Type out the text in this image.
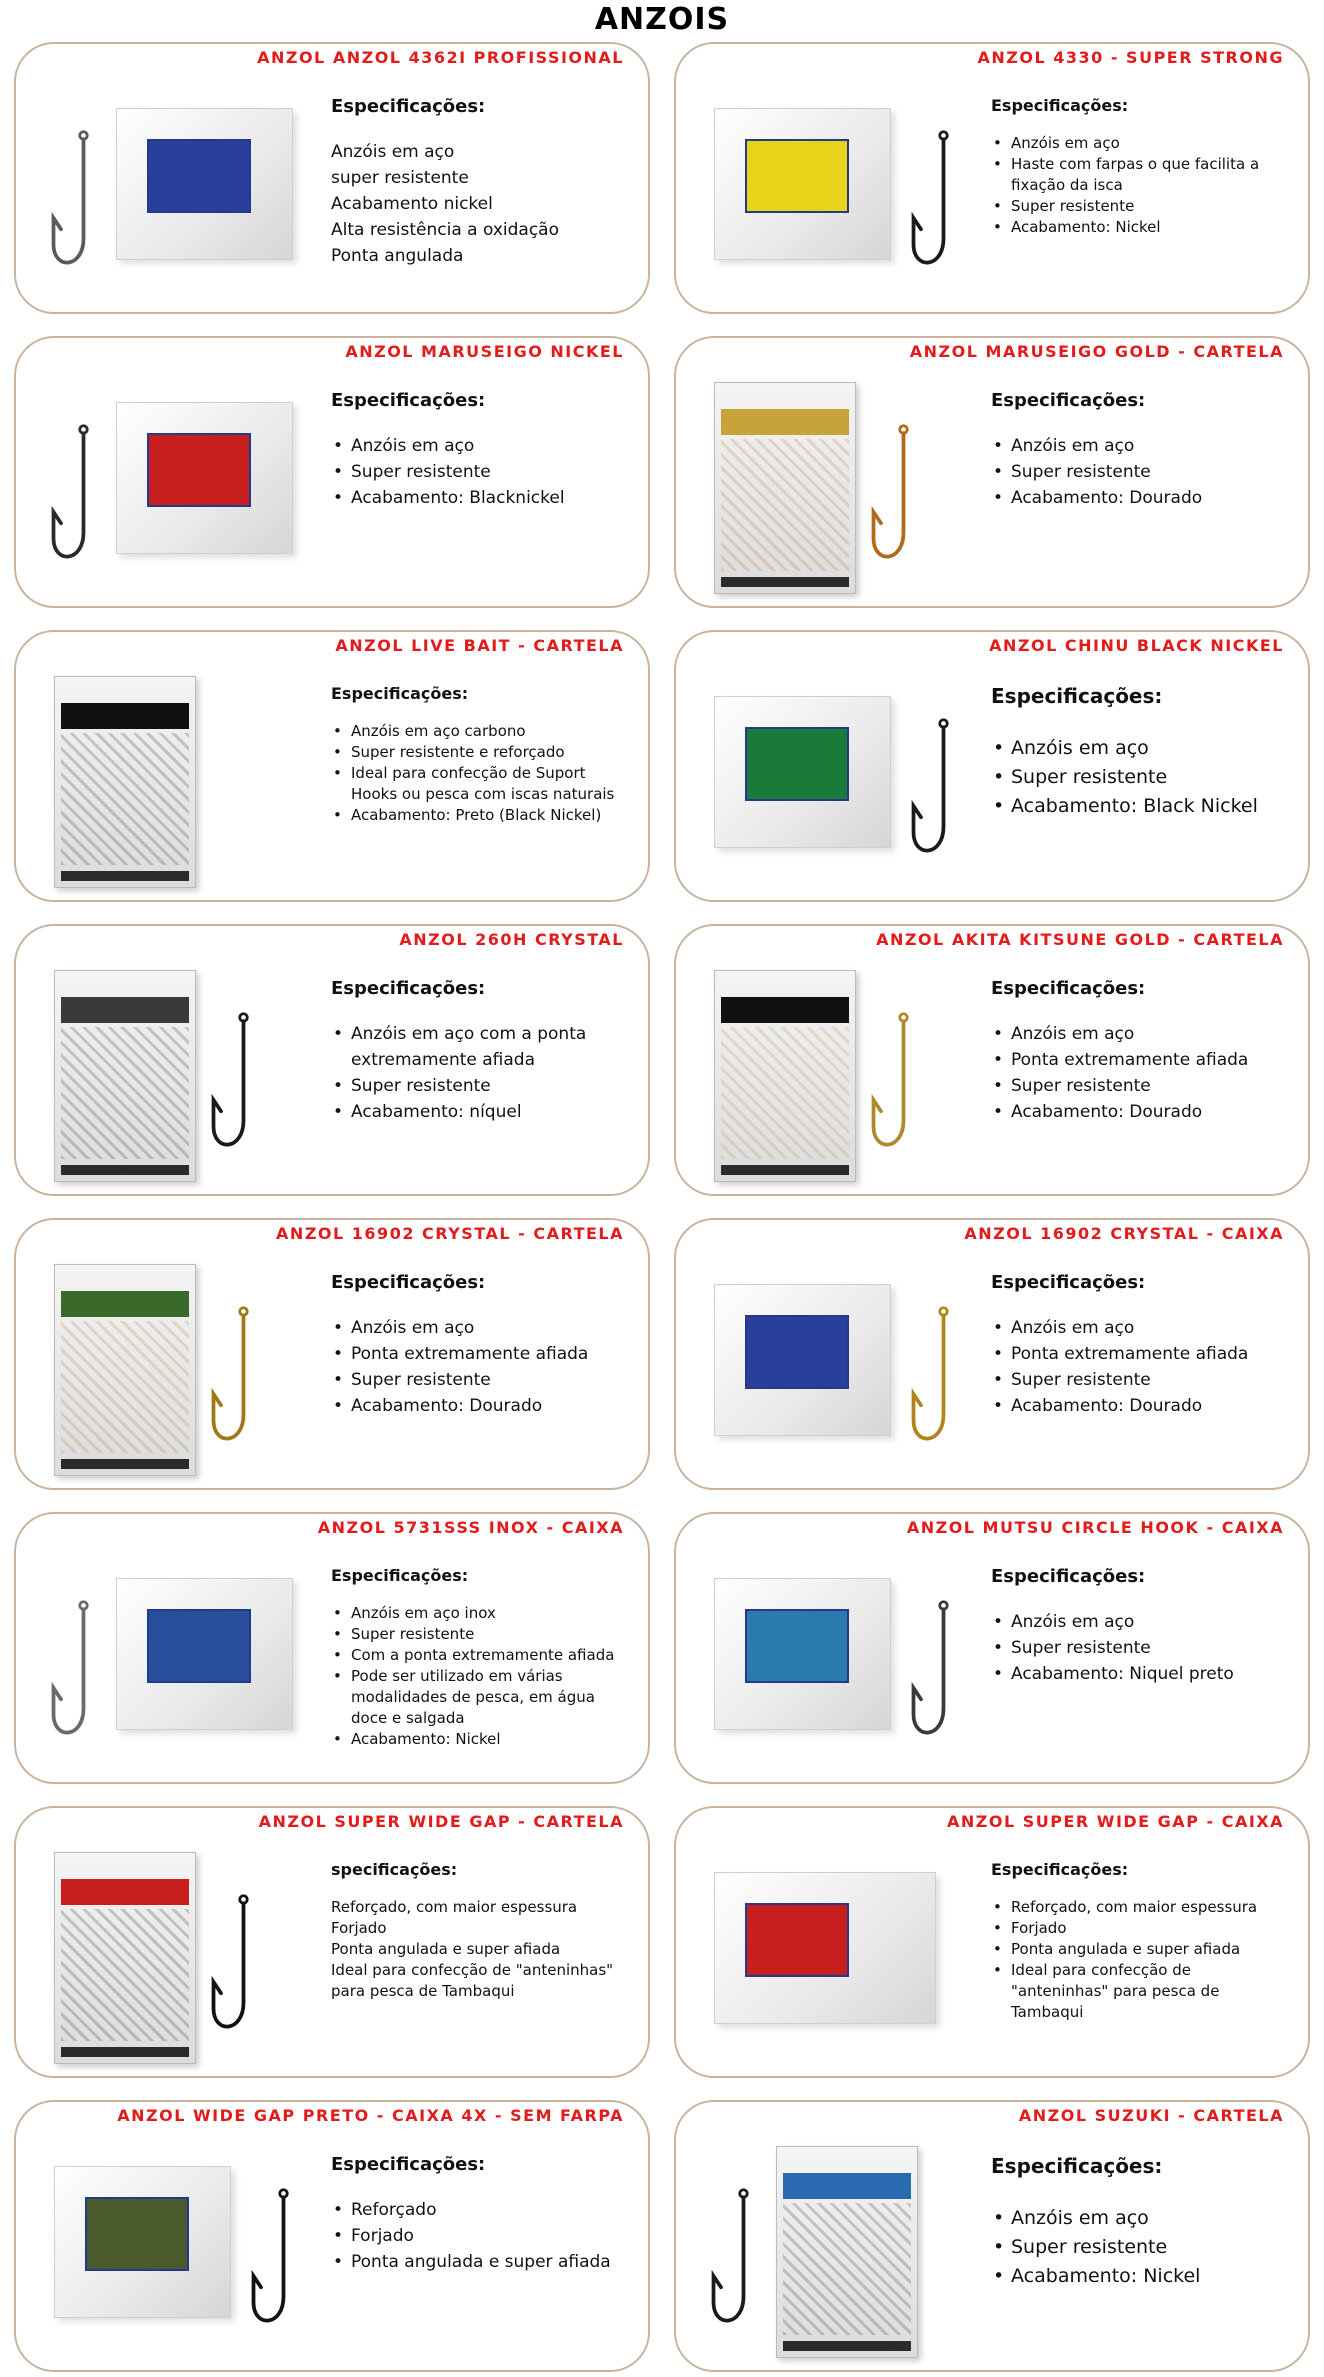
ANZOIS
ANZOL ANZOL 4362I PROFISSIONAL
Especificações:
Anzóis em aço
super resistente
Acabamento nickel
Alta resistência a oxidação
Ponta angulada
ANZOL 4330 - SUPER STRONG
Especificações:
• Anzóis em aço
• Haste com farpas o que facilita a fixação da isca
• Super resistente
• Acabamento: Nickel
ANZOL MARUSEIGO NICKEL
Especificações:
• Anzóis em aço
• Super resistente
• Acabamento: Blacknickel
ANZOL MARUSEIGO GOLD - CARTELA
Especificações:
• Anzóis em aço
• Super resistente
• Acabamento: Dourado
ANZOL LIVE BAIT - CARTELA
Especificações:
• Anzóis em aço carbono
• Super resistente e reforçado
• Ideal para confecção de Suport Hooks ou pesca com iscas naturais
• Acabamento: Preto (Black Nickel)
ANZOL CHINU BLACK NICKEL
Especificações:
• Anzóis em aço
• Super resistente
• Acabamento: Black Nickel
ANZOL 260H CRYSTAL
Especificações:
• Anzóis em aço com a ponta extremamente afiada
• Super resistente
• Acabamento: níquel
ANZOL AKITA KITSUNE GOLD - CARTELA
Especificações:
• Anzóis em aço
• Ponta extremamente afiada
• Super resistente
• Acabamento: Dourado
ANZOL 16902 CRYSTAL - CARTELA
Especificações:
• Anzóis em aço
• Ponta extremamente afiada
• Super resistente
• Acabamento: Dourado
ANZOL 16902 CRYSTAL - CAIXA
Especificações:
• Anzóis em aço
• Ponta extremamente afiada
• Super resistente
• Acabamento: Dourado
ANZOL 5731SSS INOX - CAIXA
Especificações:
• Anzóis em aço inox
• Super resistente
• Com a ponta extremamente afiada
• Pode ser utilizado em várias modalidades de pesca, em água doce e salgada
• Acabamento: Nickel
ANZOL MUTSU CIRCLE HOOK - CAIXA
Especificações:
• Anzóis em aço
• Super resistente
• Acabamento: Niquel preto
ANZOL SUPER WIDE GAP - CARTELA
specificações:
Reforçado, com maior espessura
Forjado
Ponta angulada e super afiada
Ideal para confecção de "anteninhas" para pesca de Tambaqui
ANZOL SUPER WIDE GAP - CAIXA
Especificações:
• Reforçado, com maior espessura
• Forjado
• Ponta angulada e super afiada
• Ideal para confecção de "anteninhas" para pesca de Tambaqui
ANZOL WIDE GAP PRETO - CAIXA 4X - SEM FARPA
Especificações:
• Reforçado
• Forjado
• Ponta angulada e super afiada
ANZOL SUZUKI - CARTELA
Especificações:
• Anzóis em aço
• Super resistente
• Acabamento: Nickel
